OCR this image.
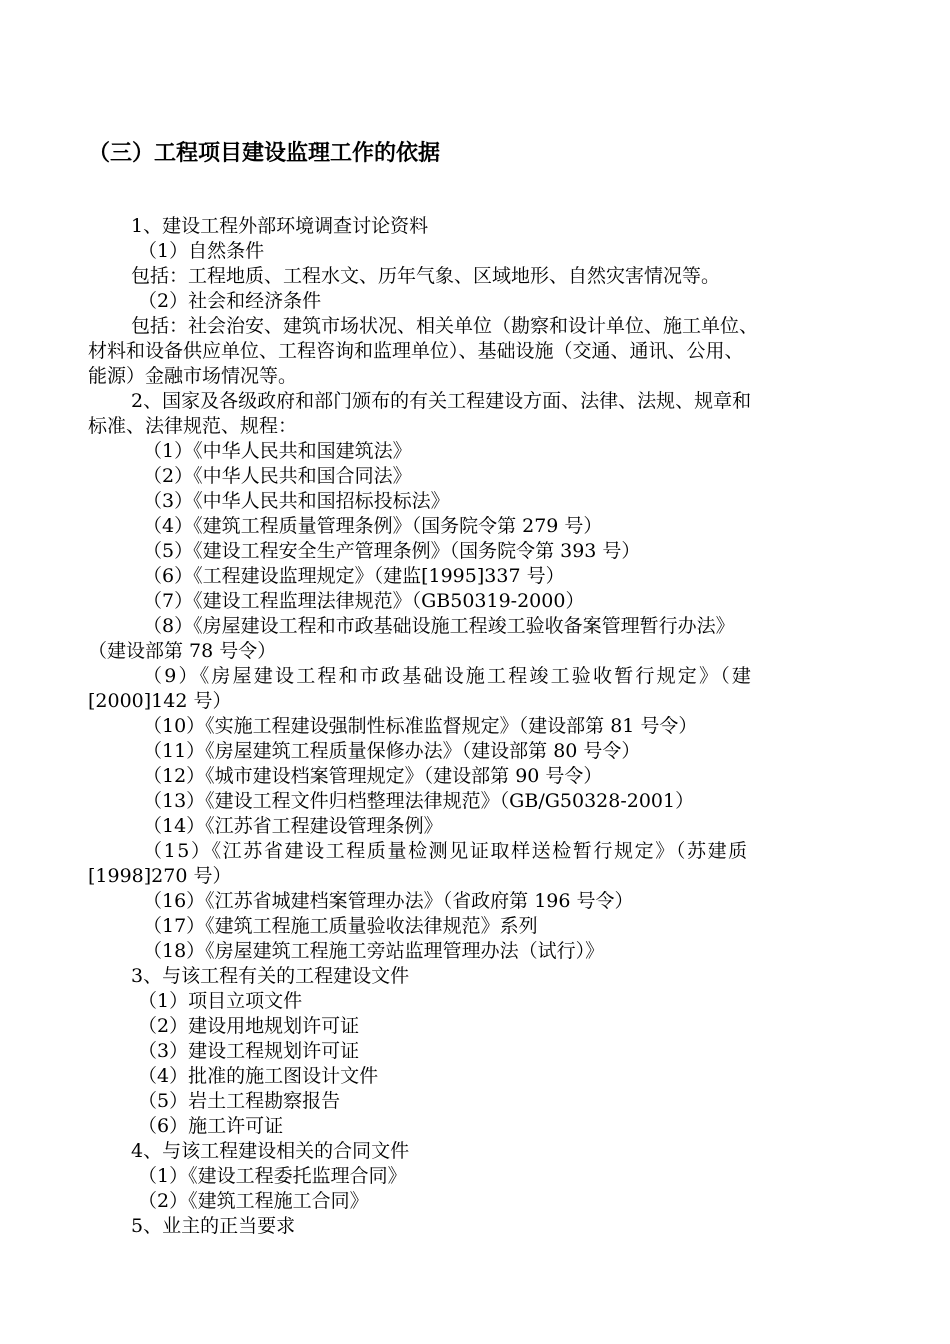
（三）工程项目建设监理工作的依据
1、建设工程外部环境调查讨论资料
（1）自然条件
包括：工程地质、工程水文、历年气象、区域地形、自然灾害情况等。
（2）社会和经济条件
包括：社会治安、建筑市场状况、相关单位（勘察和设计单位、施工单位、
材料和设备供应单位、工程咨询和监理单位）、基础设施（交通、通讯、公用、
能源）金融市场情况等。
2、国家及各级政府和部门颁布的有关工程建设方面、法律、法规、规章和
标准、法律规范、规程：
（1）《中华人民共和国建筑法》
（2）《中华人民共和国合同法》
（3）《中华人民共和国招标投标法》
（4）《建筑工程质量管理条例》（国务院令第 279 号）
（5）《建设工程安全生产管理条例》（国务院令第 393 号）
（6）《工程建设监理规定》（建监[1995]337 号）
（7）《建设工程监理法律规范》（GB50319-2000）
（8）《房屋建设工程和市政基础设施工程竣工验收备案管理暂行办法》
（建设部第 78 号令）
（9）《房屋建设工程和市政基础设施工程竣工验收暂行规定》（建
[2000]142 号）
（10）《实施工程建设强制性标准监督规定》（建设部第 81 号令）
（11）《房屋建筑工程质量保修办法》（建设部第 80 号令）
（12）《城市建设档案管理规定》（建设部第 90 号令）
（13）《建设工程文件归档整理法律规范》（GB/G50328-2001）
（14）《江苏省工程建设管理条例》
（15）《江苏省建设工程质量检测见证取样送检暂行规定》（苏建质
[1998]270 号）
（16）《江苏省城建档案管理办法》（省政府第 196 号令）
（17）《建筑工程施工质量验收法律规范》系列
（18）《房屋建筑工程施工旁站监理管理办法（试行）》
3、与该工程有关的工程建设文件
（1）项目立项文件
（2）建设用地规划许可证
（3）建设工程规划许可证
（4）批准的施工图设计文件
（5）岩土工程勘察报告
（6）施工许可证
4、与该工程建设相关的合同文件
（1）《建设工程委托监理合同》
（2）《建筑工程施工合同》
5、业主的正当要求
